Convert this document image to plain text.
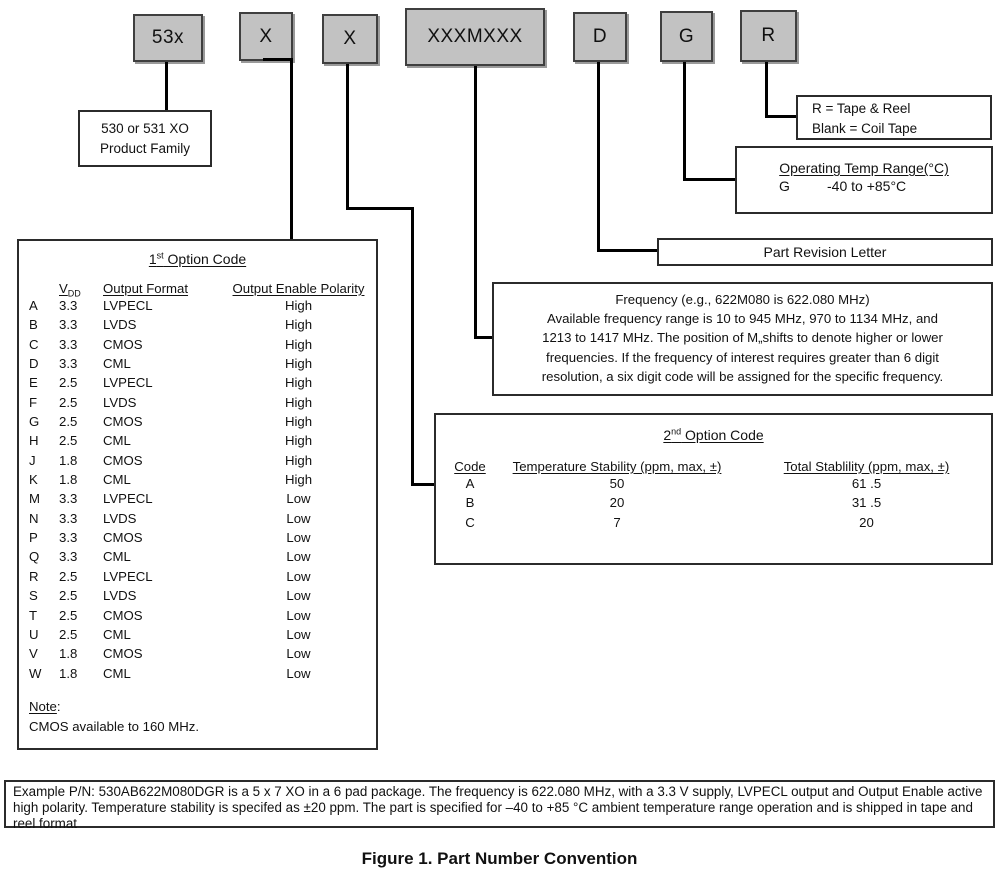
53x	X	X	XXXMXXX	D	G	R
530 or 531 XO
Product Family
R = Tape & Reel
Blank = Coil Tape
Operating Temp Range(°C)
G	-40 to +85°C
Part Revision Letter
Frequency (e.g., 622M080 is 622.080 MHz)
Available frequency range is 10 to 945 MHz, 970 to 1134 MHz, and
1213 to 1417 MHz. The position of M„shifts to denote higher or lower
frequencies. If the frequency of interest requires greater than 6 digit
resolution, a six digit code will be assigned for the specific frequency.
1st Option Code
$V_{DD}$	Output Format	Output Enable Polarity
A	3.3	LVPECL	High
B	3.3	LVDS	High
C	3.3	CMOS	High
D	3.3	CML	High
E	2.5	LVPECL	High
F	2.5	LVDS	High
G	2.5	CMOS	High
H	2.5	CML	High
J	1.8	CMOS	High
K	1.8	CML	High
M	3.3	LVPECL	Low
N	3.3	LVDS	Low
P	3.3	CMOS	Low
Q	3.3	CML	Low
R	2.5	LVPECL	Low
S	2.5	LVDS	Low
T	2.5	CMOS	Low
U	2.5	CML	Low
V	1.8	CMOS	Low
W	1.8	CML	Low
Note:
CMOS available to 160 MHz.
2nd Option Code
Code	Temperature Stability (ppm, max, ±)	Total Stablility (ppm, max, ±)
A	50	61 .5
B	20	31 .5
C	7	20
Example P/N: 530AB622M080DGR is a 5 x 7 XO in a 6 pad package. The frequency is 622.080 MHz, with a 3.3 V supply, LVPECL output and Output Enable active high polarity. Temperature stability is specifed as ±20 ppm. The part is specified for –40 to +85 °C ambient temperature range operation and is shipped in tape and reel format
Figure 1. Part Number Convention
